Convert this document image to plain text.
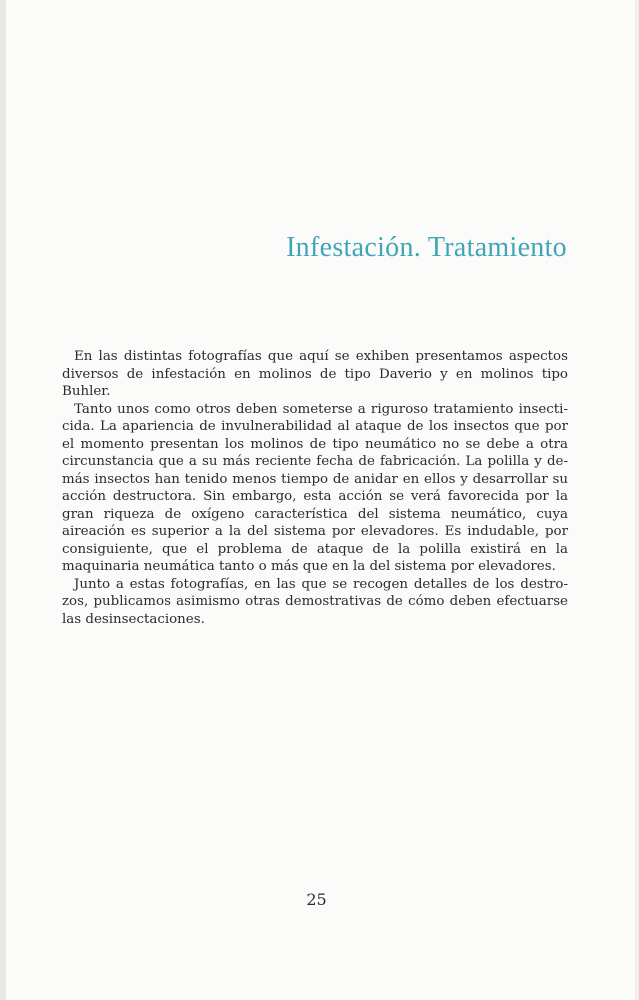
Infestación. Tratamiento

En las distintas fotografías que aquí se exhiben presentamos aspectos diversos de infestación en molinos de tipo Daverio y en molinos tipo Buhler.

Tanto unos como otros deben someterse a riguroso tratamiento insecticida. La apariencia de invulnerabilidad al ataque de los insectos que por el momento presentan los molinos de tipo neumático no se debe a otra circunstancia que a su más reciente fecha de fabricación. La polilla y demás insectos han tenido menos tiempo de anidar en ellos y desarrollar su acción destructora. Sin embargo, esta acción se verá favorecida por la gran riqueza de oxígeno característica del sistema neumático, cuya aireación es superior a la del sistema por elevadores. Es indudable, por consiguiente, que el problema de ataque de la polilla existirá en la maquinaria neumática tanto o más que en la del sistema por elevadores.

Junto a estas fotografías, en las que se recogen detalles de los destrozos, publicamos asimismo otras demostrativas de cómo deben efectuarse las desinsectaciones.

25
